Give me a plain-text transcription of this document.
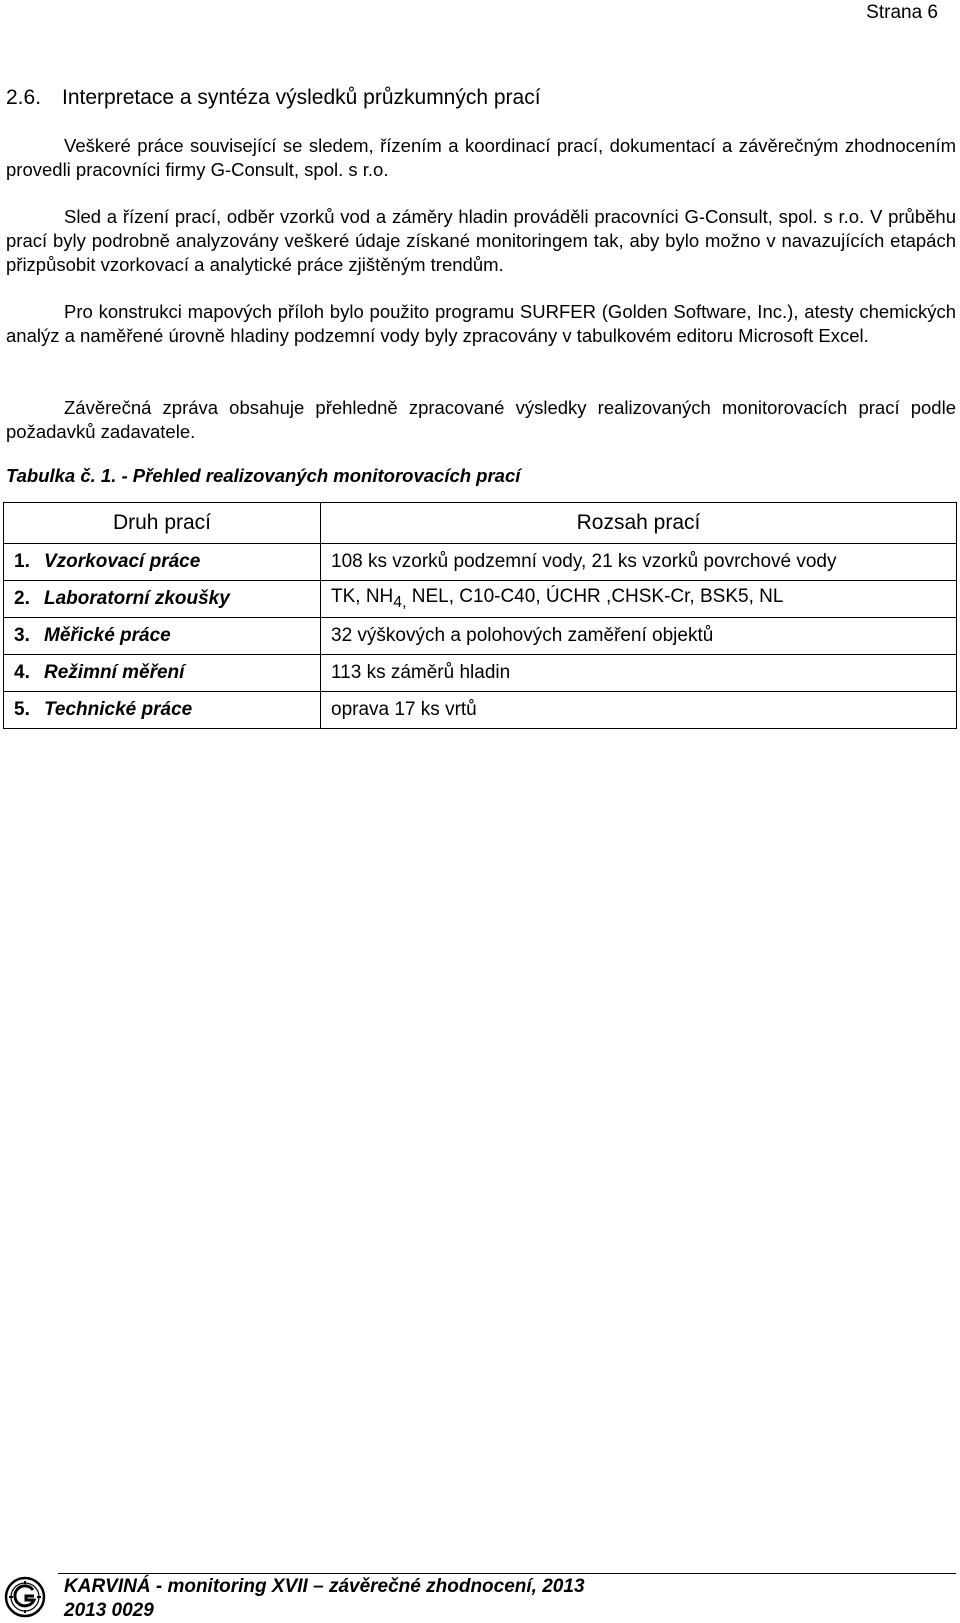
Strana 6
2.6. Interpretace a syntéza výsledků průzkumných prací

Veškeré práce související se sledem, řízením a koordinací prací, dokumentací a závěrečným zhodnocením provedli pracovníci firmy G-Consult, spol. s r.o.

Sled a řízení prací, odběr vzorků vod a záměry hladin prováděli pracovníci G-Consult, spol. s r.o. V průběhu prací byly podrobně analyzovány veškeré údaje získané monitoringem tak, aby bylo možno v navazujících etapách přizpůsobit vzorkovací a analytické práce zjištěným trendům.

Pro konstrukci mapových příloh bylo použito programu SURFER (Golden Software, Inc.), atesty chemických analýz a naměřené úrovně hladiny podzemní vody byly zpracovány v tabulkovém editoru Microsoft Excel.

Závěrečná zpráva obsahuje přehledně zpracované výsledky realizovaných monitorovacích prací podle požadavků zadavatele.

Tabulka č. 1. - Přehled realizovaných monitorovacích prací

Druh prací	Rozsah prací
1. Vzorkovací práce	108 ks vzorků podzemní vody, 21 ks vzorků povrchové vody
2. Laboratorní zkoušky	TK, $NH_{4,}$ NEL, C10-C40, ÚCHR ,CHSK-Cr, BSK5, NL
3. Měřické práce	32 výškových a polohových zaměření objektů
4. Režimní měření	113 ks záměrů hladin
5. Technické práce	oprava 17 ks vrtů
KARVINÁ - monitoring XVII – závěrečné zhodnocení, 2013
2013 0029
